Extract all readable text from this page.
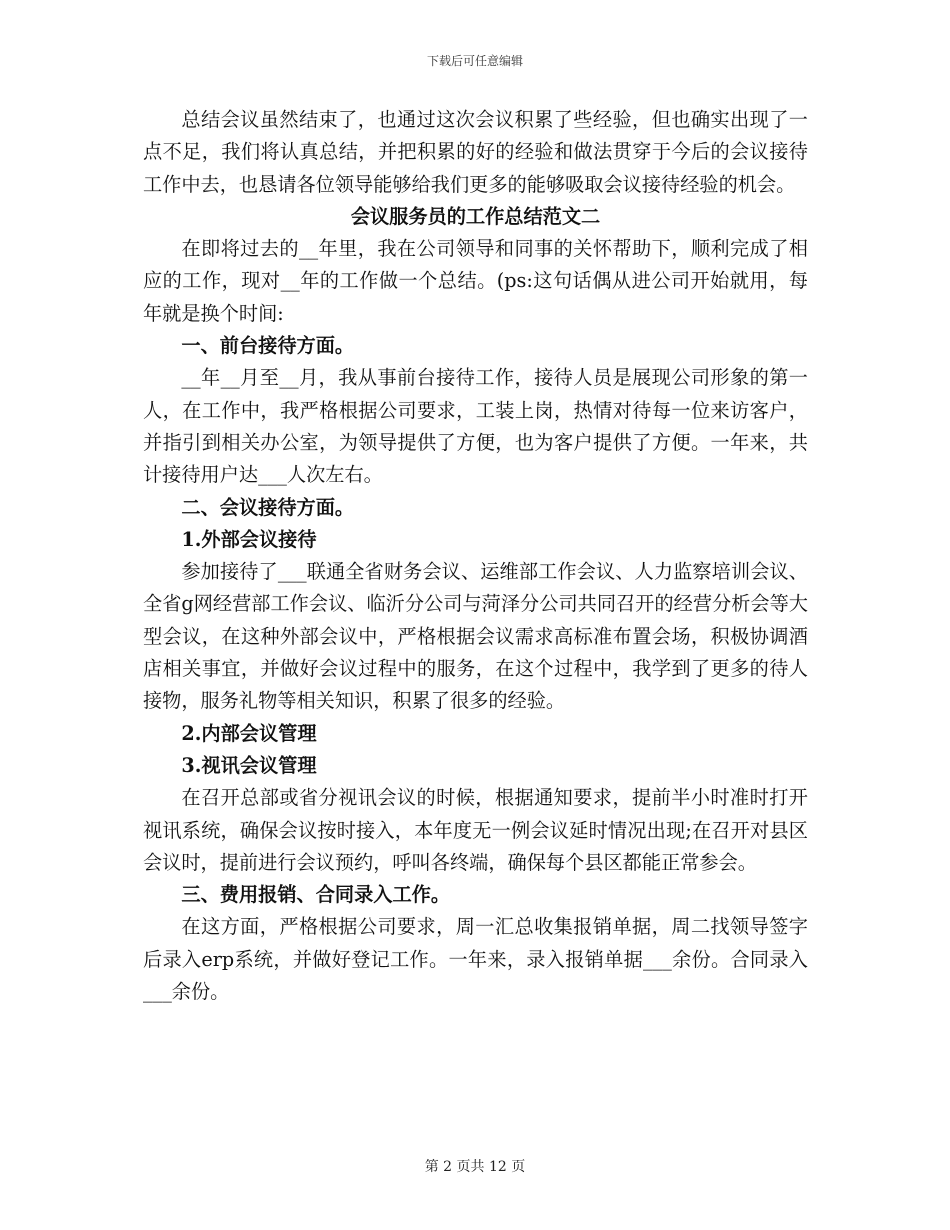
下载后可任意编辑

总结会议虽然结束了，也通过这次会议积累了些经验，但也确实出现了一点不足，我们将认真总结，并把积累的好的经验和做法贯穿于今后的会议接待工作中去，也恳请各位领导能够给我们更多的能够吸取会议接待经验的机会。

会议服务员的工作总结范文二

在即将过去的__年里，我在公司领导和同事的关怀帮助下，顺利完成了相应的工作，现对__年的工作做一个总结。(ps:这句话偶从进公司开始就用，每年就是换个时间:

一、前台接待方面。

__年__月至__月，我从事前台接待工作，接待人员是展现公司形象的第一人，在工作中，我严格根据公司要求，工装上岗，热情对待每一位来访客户，并指引到相关办公室，为领导提供了方便，也为客户提供了方便。一年来，共计接待用户达___人次左右。

二、会议接待方面。

1.外部会议接待

参加接待了___联通全省财务会议、运维部工作会议、人力监察培训会议、全省g网经营部工作会议、临沂分公司与菏泽分公司共同召开的经营分析会等大型会议，在这种外部会议中，严格根据会议需求高标准布置会场，积极协调酒店相关事宜，并做好会议过程中的服务，在这个过程中，我学到了更多的待人接物，服务礼物等相关知识，积累了很多的经验。

2.内部会议管理

3.视讯会议管理

在召开总部或省分视讯会议的时候，根据通知要求，提前半小时准时打开视讯系统，确保会议按时接入，本年度无一例会议延时情况出现;在召开对县区会议时，提前进行会议预约，呼叫各终端，确保每个县区都能正常参会。

三、费用报销、合同录入工作。

在这方面，严格根据公司要求，周一汇总收集报销单据，周二找领导签字后录入erp系统，并做好登记工作。一年来，录入报销单据___余份。合同录入___余份。

第 2 页共 12 页
